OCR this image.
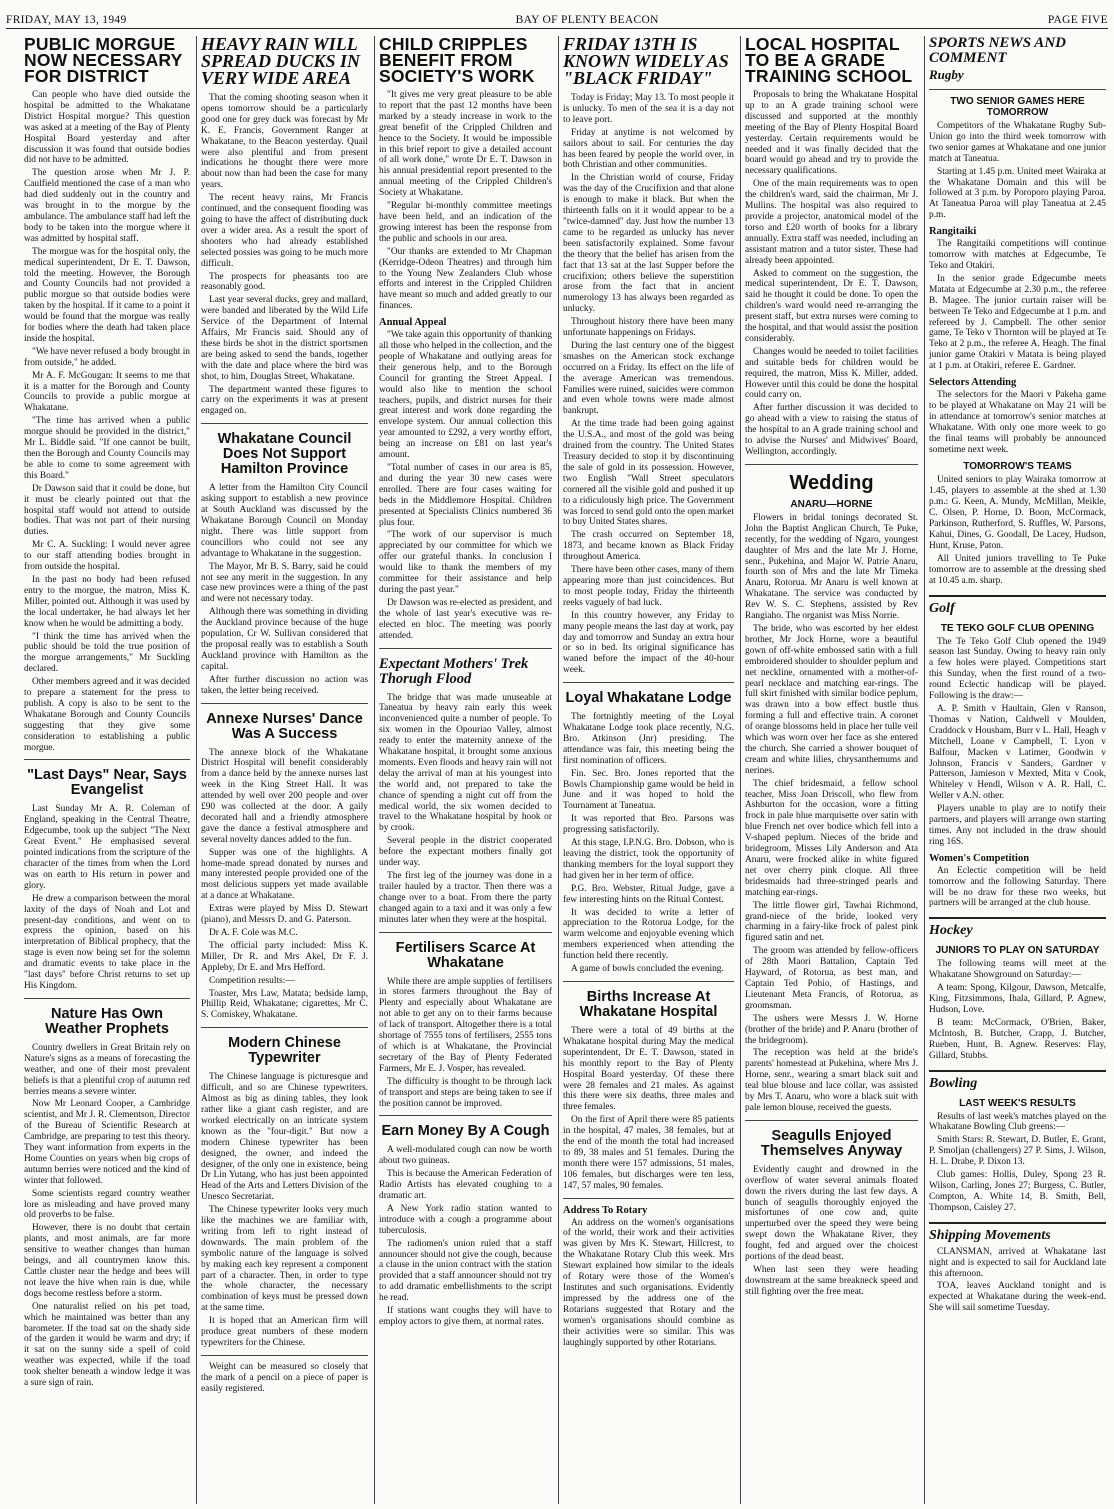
FRIDAY, MAY 13, 1949	BAY OF PLENTY BEACON	PAGE FIVE
PUBLIC MORGUE NOW NECESSARY FOR DISTRICT

Can people who have died outside the hospital be admitted to the Whakatane District Hospital morgue? This question was asked at a meeting of the Bay of Plenty Hospital Board yesterday and after discussion it was found that outside bodies did not have to be admitted.

The question arose when Mr J. P. Caulfield mentioned the case of a man who had died suddenly out in the country and was brought in to the morgue by the ambulance. The ambulance staff had left the body to be taken into the morgue where it was admitted by hospital staff.

The morgue was for the hospital only, the medical superintendent, Dr E. T. Dawson, told the meeting. However, the Borough and County Councils had not provided a public morgue so that outside bodies were taken by the hospital. If it came to a point it would be found that the morgue was really for bodies where the death had taken place inside the hospital.

"We have never refused a body brought in from outside," he added.

Mr A. F. McGougan: It seems to me that it is a matter for the Borough and County Councils to provide a public morgue at Whakatane.

"The time has arrived when a public morgue should be provided in the district," Mr L. Biddle said. "If one cannot be built, then the Borough and County Councils may be able to come to some agreement with this Board."

Dr Dawson said that it could be done, but it must be clearly pointed out that the hospital staff would not attend to outside bodies. That was not part of their nursing duties.

Mr C. A. Suckling: I would never agree to our staff attending bodies brought in from outside the hospital.

In the past no body had been refused entry to the morgue, the matron, Miss K. Miller, pointed out. Although it was used by the local undertaker, he had always let her know when he would be admitting a body.

"I think the time has arrived when the public should be told the true position of the morgue arrangements," Mr Suckling declared.

Other members agreed and it was decided to prepare a statement for the press to publish. A copy is also to be sent to the Whakatane Borough and County Councils suggesting that they give some consideration to establishing a public morgue.

"Last Days" Near, Says Evangelist

Last Sunday Mr A. R. Coleman of England, speaking in the Central Theatre, Edgecumbe, took up the subject "The Next Great Event." He emphasised several pointed indications from the scripture of the character of the times from when the Lord was on earth to His return in power and glory.

He drew a comparison between the moral laxity of the days of Noah and Lot and present-day conditions, and went on to express the opinion, based on his interpretation of Biblical prophecy, that the stage is even now being set for the solemn and dramatic events to take place in the "last days" before Christ returns to set up His Kingdom.

Nature Has Own Weather Prophets

Country dwellers in Great Britain rely on Nature's signs as a means of forecasting the weather, and one of their most prevalent beliefs is that a plentiful crop of autumn red berries means a severe winter.

Now Mr Leonard Cooper, a Cambridge scientist, and Mr J. R. Clementson, Director of the Bureau of Scientific Research at Cambridge, are preparing to test this theory. They want information from experts in the Home Counties on years when big crops of autumn berries were noticed and the kind of winter that followed.

Some scientists regard country weather lore as misleading and have proved many old proverbs to be false.

However, there is no doubt that certain plants, and most animals, are far more sensitive to weather changes than human beings, and all countrymen know this. Cattle cluster near the hedge and bees will not leave the hive when rain is due, while dogs become restless before a storm.

One naturalist relied on his pet toad, which he maintained was better than any barometer. If the toad sat on the shady side of the garden it would be warm and dry; if it sat on the sunny side a spell of cold weather was expected, while if the toad took shelter beneath a window ledge it was a sure sign of rain.

HEAVY RAIN WILL SPREAD DUCKS IN VERY WIDE AREA

That the coming shooting season when it opens tomorrow should be a particularly good one for grey duck was forecast by Mr K. E. Francis, Government Ranger at Whakatane, to the Beacon yesterday. Quail were also plentiful and from present indications he thought there were more about now than had been the case for many years.

The recent heavy rains, Mr Francis continued, and the consequent flooding was going to have the affect of distributing duck over a wider area. As a result the sport of shooters who had already established selected possies was going to be much more difficult.

The prospects for pheasants too are reasonably good.

Last year several ducks, grey and mallard, were banded and liberated by the Wild Life Service of the Department of Internal Affairs, Mr Francis said. Should any of these birds be shot in the district sportsmen are being asked to send the bands, together with the date and place where the bird was shot, to him, Douglas Street, Whakatane.

The department wanted these figures to carry on the experiments it was at present engaged on.

Whakatane Council Does Not Support Hamilton Province

A letter from the Hamilton City Council asking support to establish a new province at South Auckland was discussed by the Whakatane Borough Council on Monday night. There was little support from councillors who could not see any advantage to Whakatane in the suggestion.

The Mayor, Mr B. S. Barry, said he could not see any merit in the suggestion. In any case new provinces were a thing of the past and were not necessary today.

Although there was something in dividing the Auckland province because of the huge population, Cr W. Sullivan considered that the proposal really was to establish a South Auckland province with Hamilton as the capital.

After further discussion no action was taken, the letter being received.

Annexe Nurses' Dance Was A Success

The annexe block of the Whakatane District Hospital will benefit considerably from a dance held by the annexe nurses last week in the King Street Hall. It was attended by well over 200 people and over £90 was collected at the door. A gaily decorated hall and a friendly atmosphere gave the dance a festival atmosphere and several novelty dances added to the fun.

Supper was one of the highlights. A home-made spread donated by nurses and many interested people provided one of the most delicious suppers yet made available at a dance at Whakatane.

Extras were played by Miss D. Stewart (piano), and Messrs D. and G. Paterson.

Dr A. F. Cole was M.C.

The official party included: Miss K. Miller, Dr R. and Mrs Akel, Dr F. J. Appleby, Dr E. and Mrs Hefford.

Competition results:—

Toaster, Mrs Law, Matata; bedside lamp, Phillip Reid, Whakatane; cigarettes, Mr C. S. Comiskey, Whakatane.

Modern Chinese Typewriter

The Chinese language is picturesque and difficult, and so are Chinese typewriters. Almost as big as dining tables, they look rather like a giant cash register, and are worked electrically on an intricate system known as the "four-digit." But now a modern Chinese typewriter has been designed, the owner, and indeed the designer, of the only one in existence, being Dr Lin Yutang, who has just been appointed Head of the Arts and Letters Division of the Unesco Secretariat.

The Chinese typewriter looks very much like the machines we are familiar with, writing from left to right instead of downwards. The main problem of the symbolic nature of the language is solved by making each key represent a component part of a character. Then, in order to type the whole character, the necessary combination of keys must be pressed down at the same time.

It is hoped that an American firm will produce great numbers of these modern typewriters for the Chinese.

Weight can be measured so closely that the mark of a pencil on a piece of paper is easily registered.

CHILD CRIPPLES BENEFIT FROM SOCIETY'S WORK

"It gives me very great pleasure to be able to report that the past 12 months have been marked by a steady increase in work to the great benefit of the Crippled Children and hence to the Society. It would be impossible in this brief report to give a detailed account of all work done," wrote Dr E. T. Dawson in his annual presidential report presented to the annual meeting of the Crippled Children's Society at Whakatane.

"Regular bi-monthly committee meetings have been held, and an indication of the growing interest has been the response from the public and schools in our area.

"Our thanks are extended to Mr Chapman (Kerridge-Odeon Theatres) and through him to the Young New Zealanders Club whose efforts and interest in the Crippled Children have meant so much and added greatly to our finances.

Annual Appeal

"We take again this opportunity of thanking all those who helped in the collection, and the people of Whakatane and outlying areas for their generous help, and to the Borough Council for granting the Street Appeal. I would also like to mention the school teachers, pupils, and district nurses for their great interest and work done regarding the envelope system. Our annual collection this year amounted to £292, a very worthy effort, being an increase on £81 on last year's amount.

"Total number of cases in our area is 85, and during the year 30 new cases were enrolled. There are four cases waiting for beds in the Middlemore Hospital. Children presented at Specialists Clinics numbered 36 plus four.

"The work of our supervisor is much appreciated by our committee for which we offer our grateful thanks. In conclusion I would like to thank the members of my committee for their assistance and help during the past year."

Dr Dawson was re-elected as president, and the whole of last year's executive was re-elected en bloc. The meeting was poorly attended.

Expectant Mothers' Trek Thorugh Flood

The bridge that was made unuseable at Taneatua by heavy rain early this week inconvenienced quite a number of people. To six women in the Opouriao Valley, almost ready to enter the maternity annexe of the Whakatane hospital, it brought some anxious moments. Even floods and heavy rain will not delay the arrival of man at his youngest into the world and, not prepared to take the chance of spending a night cut off from the medical world, the six women decided to travel to the Whakatane hospital by hook or by crook.

Several people in the district cooperated before the expectant mothers finally got under way.

The first leg of the journey was done in a trailer hauled by a tractor. Then there was a change over to a boat. From there the party changed again to a taxi and it was only a few minutes later when they were at the hospital.

Fertilisers Scarce At Whakatane

While there are ample supplies of fertilisers in stores farmers throughout the Bay of Plenty and especially about Whakatane are not able to get any on to their farms because of lack of transport. Altogether there is a total shortage of 7555 tons of fertilisers, 2555 tons of which is at Whakatane, the Provincial secretary of the Bay of Plenty Federated Farmers, Mr E. J. Vosper, has revealed.

The difficulty is thought to be through lack of transport and steps are being taken to see if the position cannot be improved.

Earn Money By A Cough

A well-modulated cough can now be worth about two guineas.

This is because the American Federation of Radio Artists has elevated coughing to a dramatic art.

A New York radio station wanted to introduce with a cough a programme about tuberculosis.

The radiomen's union ruled that a staff announcer should not give the cough, because a clause in the union contract with the station provided that a staff announcer should not try to add dramatic embellishments to the script he read.

If stations want coughs they will have to employ actors to give them, at normal rates.

FRIDAY 13TH IS KNOWN WIDELY AS "BLACK FRIDAY"

Today is Friday; May 13. To most people it is unlucky. To men of the sea it is a day not to leave port.

Friday at anytime is not welcomed by sailors about to sail. For centuries the day has been feared by people the world over, in both Christian and other communities.

In the Christian world of course, Friday was the day of the Crucifixion and that alone is enough to make it black. But when the thirteenth falls on it it would appear to be a "twice-damned" day. Just how the number 13 came to be regarded as unlucky has never been satisfactorily explained. Some favour the theory that the belief has arisen from the fact that 13 sat at the last Supper before the crucifixion; others believe the superstition arose from the fact that in ancient numerology 13 has always been regarded as unlucky.

Throughout history there have been many unfortunate happenings on Fridays.

During the last century one of the biggest smashes on the American stock exchange occurred on a Friday. Its effect on the life of the average American was tremendous. Families were ruined, suicides were common and even whole towns were made almost bankrupt.

At the time trade had been going against the U.S.A., and most of the gold was being drained from the country. The United States Treasury decided to stop it by discontinuing the sale of gold in its possession. However, two English "Wall Street speculators cornered all the visible gold and pushed it up to a ridiculously high price. The Government was forced to send gold onto the open market to buy United States shares.

The crash occurred on September 18, 1873, and became known as Black Friday throughout America.

There have been other cases, many of them appearing more than just coincidences. But to most people today, Friday the thirteenth reeks vaguely of bad luck.

In this country however, any Friday to many people means the last day at work, pay day and tomorrow and Sunday an extra hour or so in bed. Its original significance has waned before the impact of the 40-hour week.

Loyal Whakatane Lodge

The fortnightly meeting of the Loyal Whakatane Lodge took place recently, N.G. Bro. Atkinson (Jnr) presiding. The attendance was fair, this meeting being the first nomination of officers.

Fin. Sec. Bro. Jones reported that the Bowls Championship game would be held in June and it was hoped to hold the Tournament at Taneatua.

It was reported that Bro. Parsons was progressing satisfactorily.

At this stage, I.P.N.G. Bro. Dobson, who is leaving the district, took the opportunity of thanking members for the loyal support they had given her in her term of office.

P.G. Bro. Webster, Ritual Judge, gave a few interesting hints on the Ritual Contest.

It was decided to write a letter of appreciation to the Rotorua Lodge, for the warm welcome and enjoyable evening which members experienced when attending the function held there recently.

A game of bowls concluded the evening.

Births Increase At Whakatane Hospital

There were a total of 49 births at the Whakatane hospital during May the medical superintendent, Dr E. T. Dawson, stated in his monthly report to the Bay of Plenty Hospital Board yesterday. Of these there were 28 females and 21 males. As against this there were six deaths, three males and three females.

On the first of April there were 85 patients in the hospital, 47 males, 38 females, but at the end of the month the total had increased to 89, 38 males and 51 females. During the month there were 157 admissions, 51 males, 106 females, but discharges were ten less, 147, 57 males, 90 females.

Address To Rotary

An address on the women's organisations of the world, their work and their activities was given by Mrs K. Stewart, Hillcrest, to the Whakatane Rotary Club this week. Mrs Stewart explained how similar to the ideals of Rotary were those of the Women's Institutes and such organisations. Evidently impressed by the address one of the Rotarians suggested that Rotary and the women's organisations should combine as their activities were so similar. This was laughingly supported by other Rotarians.

LOCAL HOSPITAL TO BE A GRADE TRAINING SCHOOL

Proposals to bring the Whakatane Hospital up to an A grade training school were discussed and supported at the monthly meeting of the Bay of Plenty Hospital Board yesterday. Certain requirements would be needed and it was finally decided that the board would go ahead and try to provide the necessary qualifications.

One of the main requirements was to open the children's ward, said the chairman, Mr J. Mullins. The hospital was also required to provide a projector, anatomical model of the torso and £20 worth of books for a library annually. Extra staff was needed, including an assistant matron and a tutor sister. These had already been appointed.

Asked to comment on the suggestion, the medical superintendent, Dr E. T. Dawson, said he thought it could be done. To open the children's ward would need re-arranging the present staff, but extra nurses were coming to the hospital, and that would assist the position considerably.

Changes would be needed to toilet facilities and suitable beds for children would be required, the matron, Miss K. Miller, added. However until this could be done the hospital could carry on.

After further discussion it was decided to go ahead with a view to raising the status of the hospital to an A grade training school and to advise the Nurses' and Midwives' Board, Wellington, accordingly.

Wedding
ANARU—HORNE

Flowers in bridal tonings decorated St. John the Baptist Anglican Church, Te Puke, recently, for the wedding of Ngaro, youngest daughter of Mrs and the late Mr J. Horne, senr., Pukehina, and Major W. Patrie Anaru, fourth son of Mrs and the late Mr Timeka Anaru, Rotorua. Mr Anaru is well known at Whakatane. The service was conducted by Rev W. S. C. Stephens, assisted by Rev Rangiaho. The organist was Miss Norrie.

The bride, who was escorted by her eldest brother, Mr Jock Horne, wore a beautiful gown of off-white embossed satin with a full embroidered shoulder to shoulder peplum and net neckline, ornamented with a mother-of-pearl necklace and matching ear-rings. The full skirt finished with similar bodice peplum, was drawn into a bow effect bustle thus forming a full and effective train. A coronet of orange blossoms held in place her tulle veil which was worn over her face as she entered the church. She carried a shower bouquet of cream and white lilies, chrysanthemums and nerines.

The chief bridesmaid, a fellow school teacher, Miss Joan Driscoll, who flew from Ashburton for the occasion, wore a fitting frock in pale blue marquisette over satin with blue French net over bodice which fell into a V-shaped peplum. Nieces of the bride and bridegroom, Misses Lily Anderson and Ata Anaru, were frocked alike in white figured net over cherry pink cloque. All three bridesmaids had three-stringed pearls and matching ear-rings.

The little flower girl, Tawhai Richmond, grand-niece of the bride, looked very charming in a fairy-like frock of palest pink figured satin and net.

The groom was attended by fellow-officers of 28th Maori Battalion, Captain Ted Hayward, of Rotorua, as best man, and Captain Ted Pohio, of Hastings, and Lieutenant Meta Francis, of Rotorua, as groomsman.

The ushers were Messrs J. W. Horne (brother of the bride) and P. Anaru (brother of the bridegroom).

The reception was held at the bride's parents' homestead at Pukehina, where Mrs J. Horne, senr., wearing a smart black suit and teal blue blouse and lace collar, was assisted by Mrs T. Anaru, who wore a black suit with pale lemon blouse, received the guests.

Seagulls Enjoyed Themselves Anyway

Evidently caught and drowned in the overflow of water several animals floated down the rivers during the last few days. A bunch of seagulls thoroughly enjoyed the misfortunes of one cow and, quite unperturbed over the speed they were being swept down the Whakatane River, they fought, fed and argued over the choicest portions of the dead beast.

When last seen they were heading downstream at the same breakneck speed and still fighting over the free meat.

SPORTS NEWS AND COMMENT
Rugby
TWO SENIOR GAMES HERE TOMORROW

Competitors of the Whakatane Rugby Sub-Union go into the third week tomorrow with two senior games at Whakatane and one junior match at Taneatua.

Starting at 1.45 p.m. United meet Wairaka at the Whakatane Domain and this will be followed at 3 p.m. by Poroporo playing Paroa. At Taneatua Paroa will play Taneatua at 2.45 p.m.

Rangitaiki

The Rangitaiki competitions will continue tomorrow with matches at Edgecumbe, Te Teko and Otakiri.

In the senior grade Edgecumbe meets Matata at Edgecumbe at 2.30 p.m., the referee B. Magee. The junior curtain raiser will be between Te Teko and Edgecumbe at 1 p.m. and refereed by J. Campbell. The other senior game, Te Teko v Thornton will be played at Te Teko at 2 p.m., the referee A. Heagh. The final junior game Otakiri v Matata is being played at 1 p.m. at Otakiri, referee E. Gardner.

Selectors Attending

The selectors for the Maori v Pakeha game to be played at Whakatane on May 21 will be in attendance at tomorrow's senior matches at Whakatane. With only one more week to go the final teams will probably be announced sometime next week.

TOMORROW'S TEAMS

United seniors to play Wairaka tomorrow at 1.45, players to assemble at the shed at 1.30 p.m.: G. Keen, A. Mundy, McMillan, Meikle, C. Olsen, P. Horne, D. Boon, McCormack, Parkinson, Rutherford, S. Ruffles, W. Parsons, Kahui, Dines, G. Goodall, De Lacey, Hudson, Hunt, Kruse, Paton.

All United juniors travelling to Te Puke tomorrow are to assemble at the dressing shed at 10.45 a.m. sharp.

Golf
TE TEKO GOLF CLUB OPENING

The Te Teko Golf Club opened the 1949 season last Sunday. Owing to heavy rain only a few holes were played. Competitions start this Sunday, when the first round of a two-round Eclectic handicap will be played. Following is the draw:—

A. P. Smith v Haultain, Glen v Ranson, Thomas v Nation, Caldwell v Moulden, Craddock v Housham, Burr v L. Hall, Heagh v Mitchell, Loane v Campbell, T. Lyon v Balfour, Macken v Latimer, Goodwin v Johnson, Francis v Sanders, Gardner v Patterson, Jamieson v Mexted, Mita v Cook, Whiteley v Hendl, Wilson v A. R. Hall, C. Weller v A.N. other.

Players unable to play are to notify their partners, and players will arrange own starting times. Any not included in the draw should ring 16S.

Women's Competition

An Eclectic competition will be held tomorrow and the following Saturday. There will be no draw for these two weeks, but partners will be arranged at the club house.

Hockey
JUNIORS TO PLAY ON SATURDAY

The following teams will meet at the Whakatane Showground on Saturday:—

A team: Spong, Kilgour, Dawson, Metcalfe, King, Fitzsimmons, Ihala, Gillard, P. Agnew, Hudson, Love.

B team: McCormack, O'Brien, Baker, McIntosh, B. Butcher, Crapp, J. Butcher, Rueben, Hunt, B. Agnew. Reserves: Flay, Gillard, Stubbs.

Bowling
LAST WEEK'S RESULTS

Results of last week's matches played on the Whakatane Bowling Club greens:—

Smith Stars: R. Stewart, D. Butler, E. Grant, P. Smoljan (challengers) 27 P. Sims, J. Wilson, H. L. Drabe, P. Dixon 13.

Club games: Hollis, Duley, Spong 23 R. Wilson, Carling, Jones 27; Burgess, C. Butler, Compton, A. White 14, B. Smith, Bell, Thompson, Caisley 27.

Shipping Movements

CLANSMAN, arrived at Whakatane last night and is expected to sail for Auckland late this afternoon.

TOA, leaves Auckland tonight and is expected at Whakatane during the week-end. She will sail sometime Tuesday.
